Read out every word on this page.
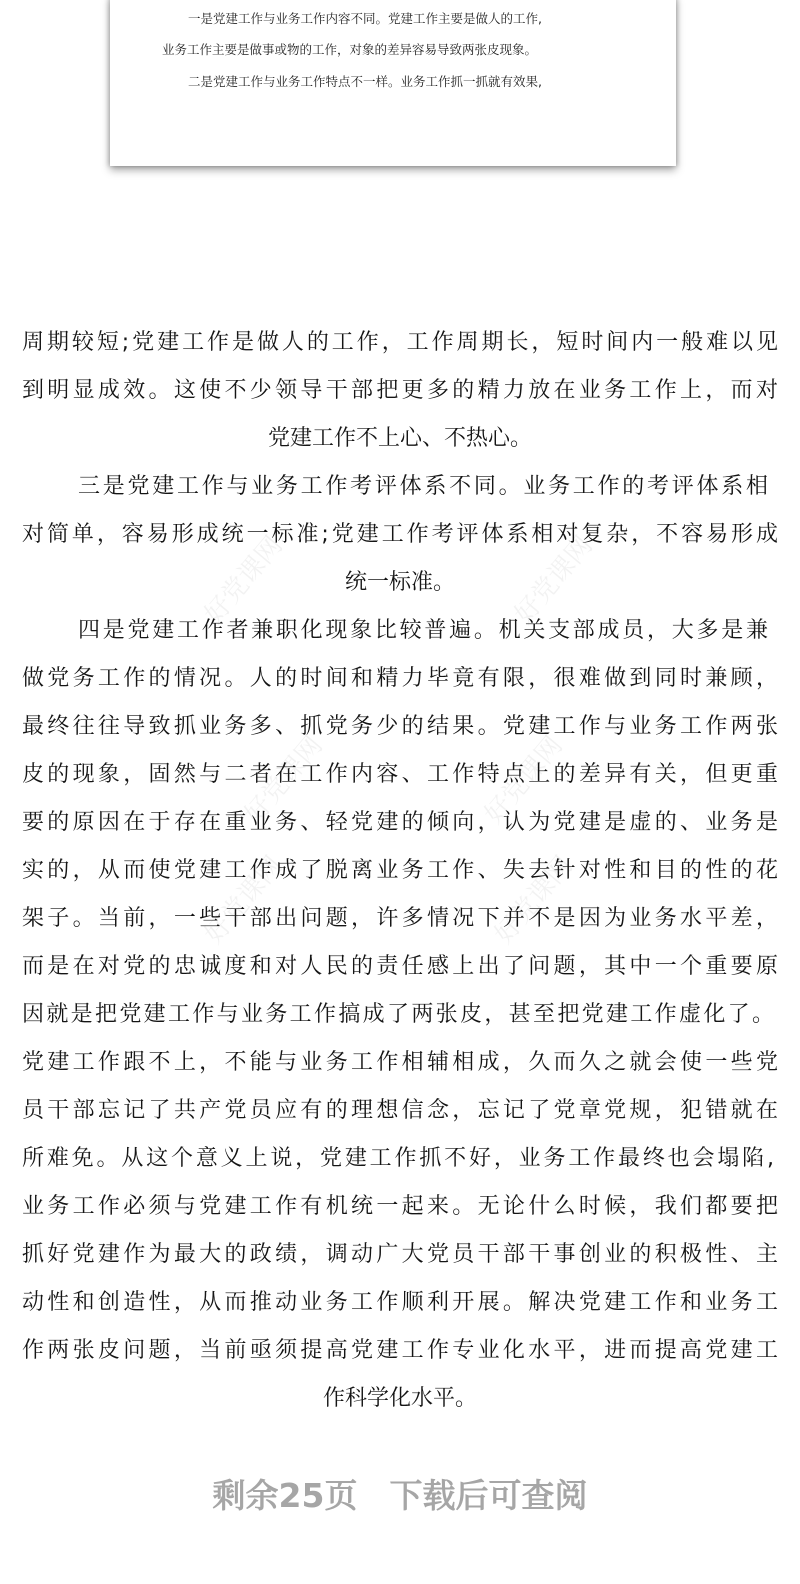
一是党建工作与业务工作内容不同。党建工作主要是做人的工作,
业务工作主要是做事或物的工作，对象的差异容易导致两张皮现象。
二是党建工作与业务工作特点不一样。业务工作抓一抓就有效果,
周期较短;党建工作是做人的工作，工作周期长，短时间内一般难以见
到明显成效。这使不少领导干部把更多的精力放在业务工作上，而对
党建工作不上心、不热心。
三是党建工作与业务工作考评体系不同。业务工作的考评体系相
对简单，容易形成统一标准;党建工作考评体系相对复杂，不容易形成
统一标准。
四是党建工作者兼职化现象比较普遍。机关支部成员，大多是兼
做党务工作的情况。人的时间和精力毕竟有限，很难做到同时兼顾，
最终往往导致抓业务多、抓党务少的结果。党建工作与业务工作两张
皮的现象，固然与二者在工作内容、工作特点上的差异有关，但更重
要的原因在于存在重业务、轻党建的倾向，认为党建是虚的、业务是
实的，从而使党建工作成了脱离业务工作、失去针对性和目的性的花
架子。当前，一些干部出问题，许多情况下并不是因为业务水平差，
而是在对党的忠诚度和对人民的责任感上出了问题，其中一个重要原
因就是把党建工作与业务工作搞成了两张皮，甚至把党建工作虚化了。
党建工作跟不上，不能与业务工作相辅相成，久而久之就会使一些党
员干部忘记了共产党员应有的理想信念，忘记了党章党规，犯错就在
所难免。从这个意义上说，党建工作抓不好，业务工作最终也会塌陷,
业务工作必须与党建工作有机统一起来。无论什么时候，我们都要把
抓好党建作为最大的政绩，调动广大党员干部干事创业的积极性、主
动性和创造性，从而推动业务工作顺利开展。解决党建工作和业务工
作两张皮问题，当前亟须提高党建工作专业化水平，进而提高党建工
作科学化水平。
好党课网	好党课网
好党课网	好党课网
好党课网	好党课网
剩余25页 下载后可查阅
